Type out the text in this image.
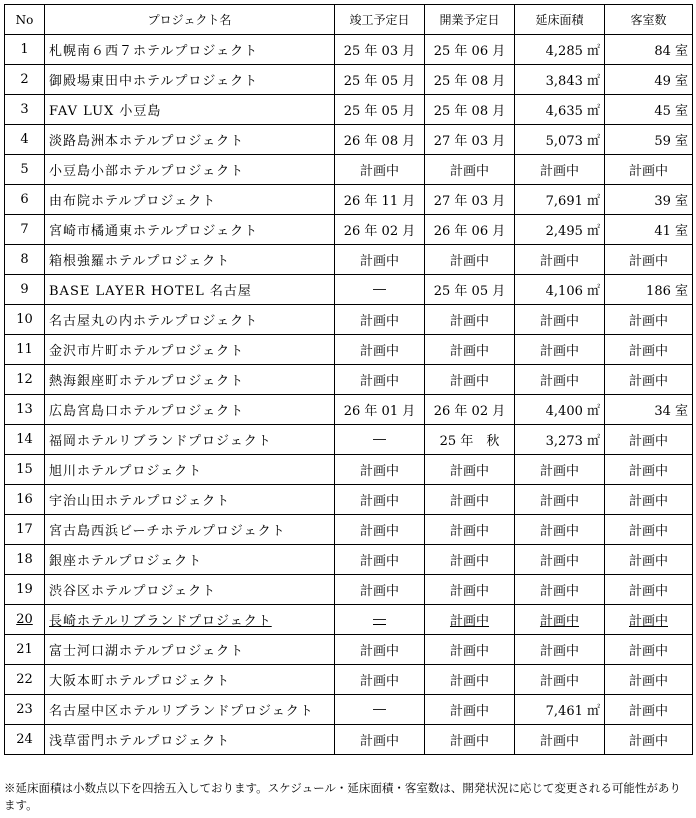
No	プロジェクト名	竣工予定日	開業予定日	延床面積	客室数
1	札幌南６西７ホテルプロジェクト	25 年 03 月	25 年 06 月	4,285 ㎡	84 室
2	御殿場東田中ホテルプロジェクト	25 年 05 月	25 年 08 月	3,843 ㎡	49 室
3	FAV LUX 小豆島	25 年 05 月	25 年 08 月	4,635 ㎡	45 室
4	淡路島洲本ホテルプロジェクト	26 年 08 月	27 年 03 月	5,073 ㎡	59 室
5	小豆島小部ホテルプロジェクト	計画中	計画中	計画中	計画中
6	由布院ホテルプロジェクト	26 年 11 月	27 年 03 月	7,691 ㎡	39 室
7	宮崎市橘通東ホテルプロジェクト	26 年 02 月	26 年 06 月	2,495 ㎡	41 室
8	箱根強羅ホテルプロジェクト	計画中	計画中	計画中	計画中
9	BASE LAYER HOTEL 名古屋	―	25 年 05 月	4,106 ㎡	186 室
10	名古屋丸の内ホテルプロジェクト	計画中	計画中	計画中	計画中
11	金沢市片町ホテルプロジェクト	計画中	計画中	計画中	計画中
12	熱海銀座町ホテルプロジェクト	計画中	計画中	計画中	計画中
13	広島宮島口ホテルプロジェクト	26 年 01 月	26 年 02 月	4,400 ㎡	34 室
14	福岡ホテルリブランドプロジェクト	―	25 年　秋	3,273 ㎡	計画中
15	旭川ホテルプロジェクト	計画中	計画中	計画中	計画中
16	宇治山田ホテルプロジェクト	計画中	計画中	計画中	計画中
17	宮古島西浜ビーチホテルプロジェクト	計画中	計画中	計画中	計画中
18	銀座ホテルプロジェクト	計画中	計画中	計画中	計画中
19	渋谷区ホテルプロジェクト	計画中	計画中	計画中	計画中
20	長崎ホテルリブランドプロジェクト	―	計画中	計画中	計画中
21	富士河口湖ホテルプロジェクト	計画中	計画中	計画中	計画中
22	大阪本町ホテルプロジェクト	計画中	計画中	計画中	計画中
23	名古屋中区ホテルリブランドプロジェクト	―	計画中	7,461 ㎡	計画中
24	浅草雷門ホテルプロジェクト	計画中	計画中	計画中	計画中

※延床面積は小数点以下を四捨五入しております。スケジュール・延床面積・客室数は、開発状況に応じて変更される可能性があります。
